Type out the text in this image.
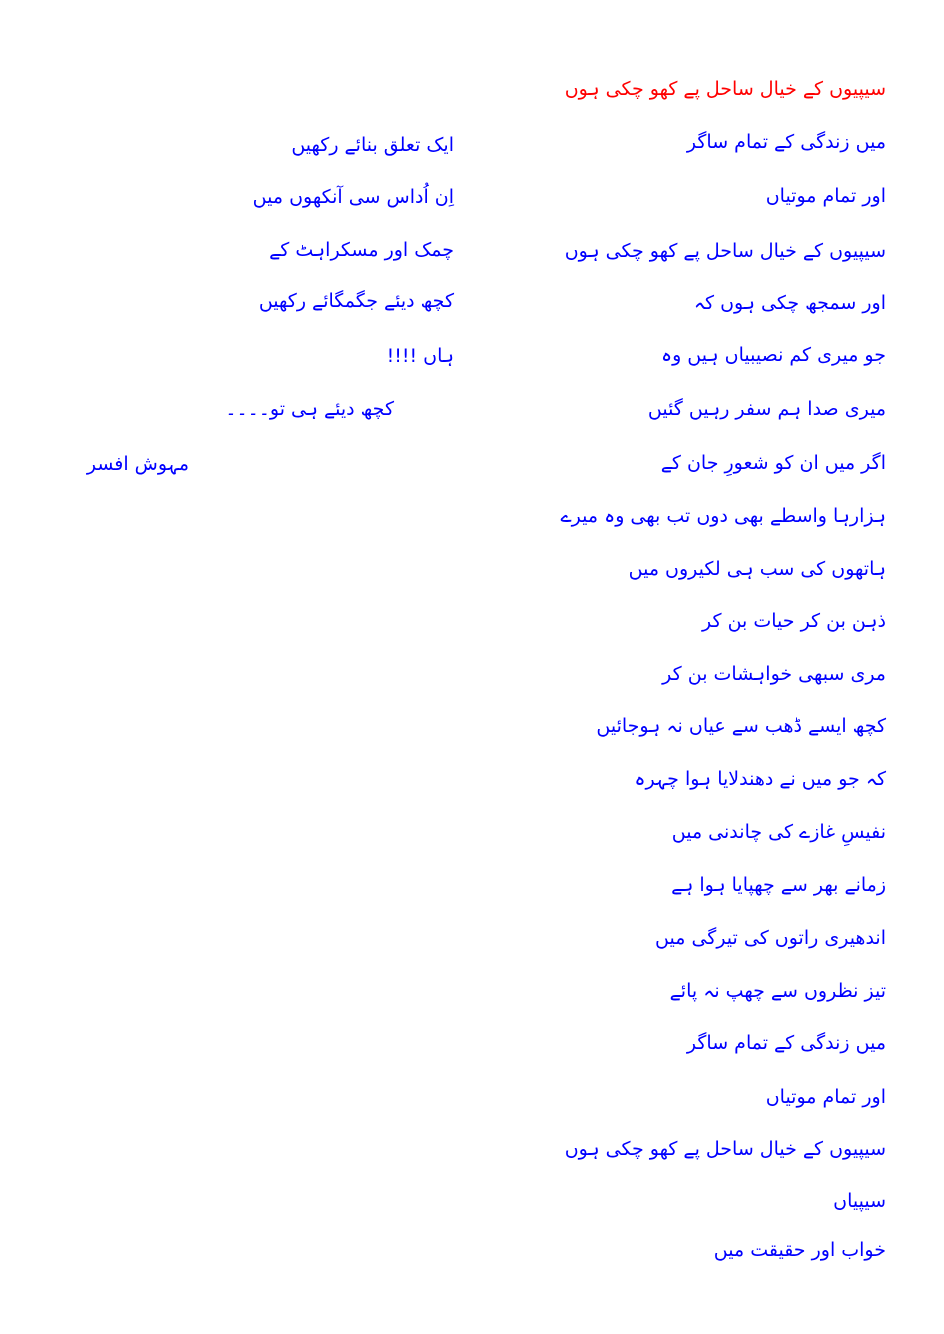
سیپیوں کے خیال ساحل پے کھو چکی ہوں

میں زندگی کے تمام ساگر

اور تمام موتیاں

سیپیوں کے خیال ساحل پے کھو چکی ہوں

اور سمجھ چکی ہوں کہ

جو میری کم نصیبیاں ہیں وہ

میری صدا ہم سفر رہیں گئیں

اگر میں ان کو شعورِ جان کے

ہزارہا واسطے بھی دوں تب بھی وہ میرے

ہاتھوں کی سب ہی لکیروں میں

ذہن بن کر حیات بن کر

مری سبھی خواہشات بن کر

کچھ ایسے ڈھب سے عیاں نہ ہوجائیں

کہ جو میں نے دھندلایا ہوا چہرہ

نفیسِ غازے کی چاندنی میں

زمانے بھر سے چھپایا ہوا ہے

اندھیری راتوں کی تیرگی میں

تیز نظروں سے چھپ نہ پائے

میں زندگی کے تمام ساگر

اور تمام موتیاں

سیپیوں کے خیال ساحل پے کھو چکی ہوں

سیپیاں

خواب اور حقیقت میں

ایک تعلق بنائے رکھیں

اِن اُداس سی آنکھوں میں

چمک اور مسکراہٹ کے

کچھ دیئے جگمگائے رکھیں

ہاں !!!!

کچھ دیئے ہی تو۔۔۔۔

مہوش افسر
